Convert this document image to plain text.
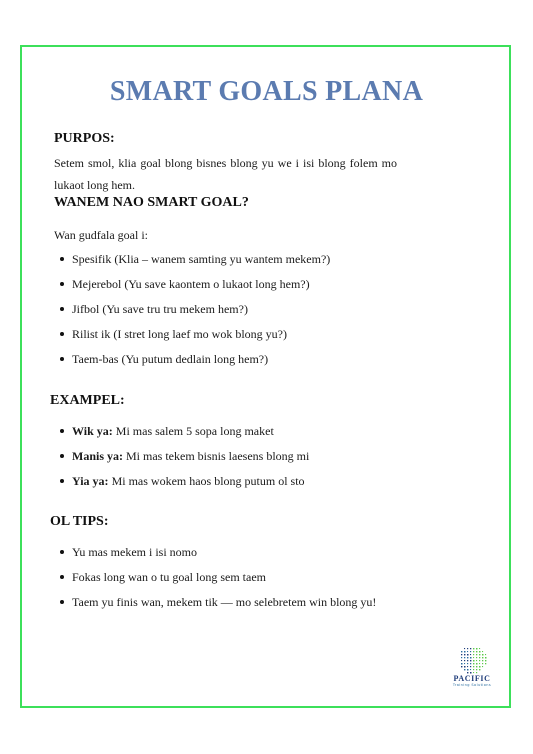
SMART GOALS PLANA
PURPOS:
Setem smol, klia goal blong bisnes blong yu we i isi blong folem mo lukaot long hem.
WANEM NAO SMART GOAL?
Wan gudfala goal i:
Spesifik (Klia – wanem samting yu wantem mekem?)
Mejerebol (Yu save kaontem o lukaot long hem?)
Jifbol (Yu save tru tru mekem hem?)
Rilist ik (I stret long laef mo wok blong yu?)
Taem-bas (Yu putum dedlain long hem?)
EXAMPEL:
Wik ya: Mi mas salem 5 sopa long maket
Manis ya: Mi mas tekem bisnis laesens blong mi
Yia ya: Mi mas wokem haos blong putum ol sto
OL TIPS:
Yu mas mekem i isi nomo
Fokas long wan o tu goal long sem taem
Taem yu finis wan, mekem tik — mo selebretem win blong yu!
PACIFIC
Training Solutions
